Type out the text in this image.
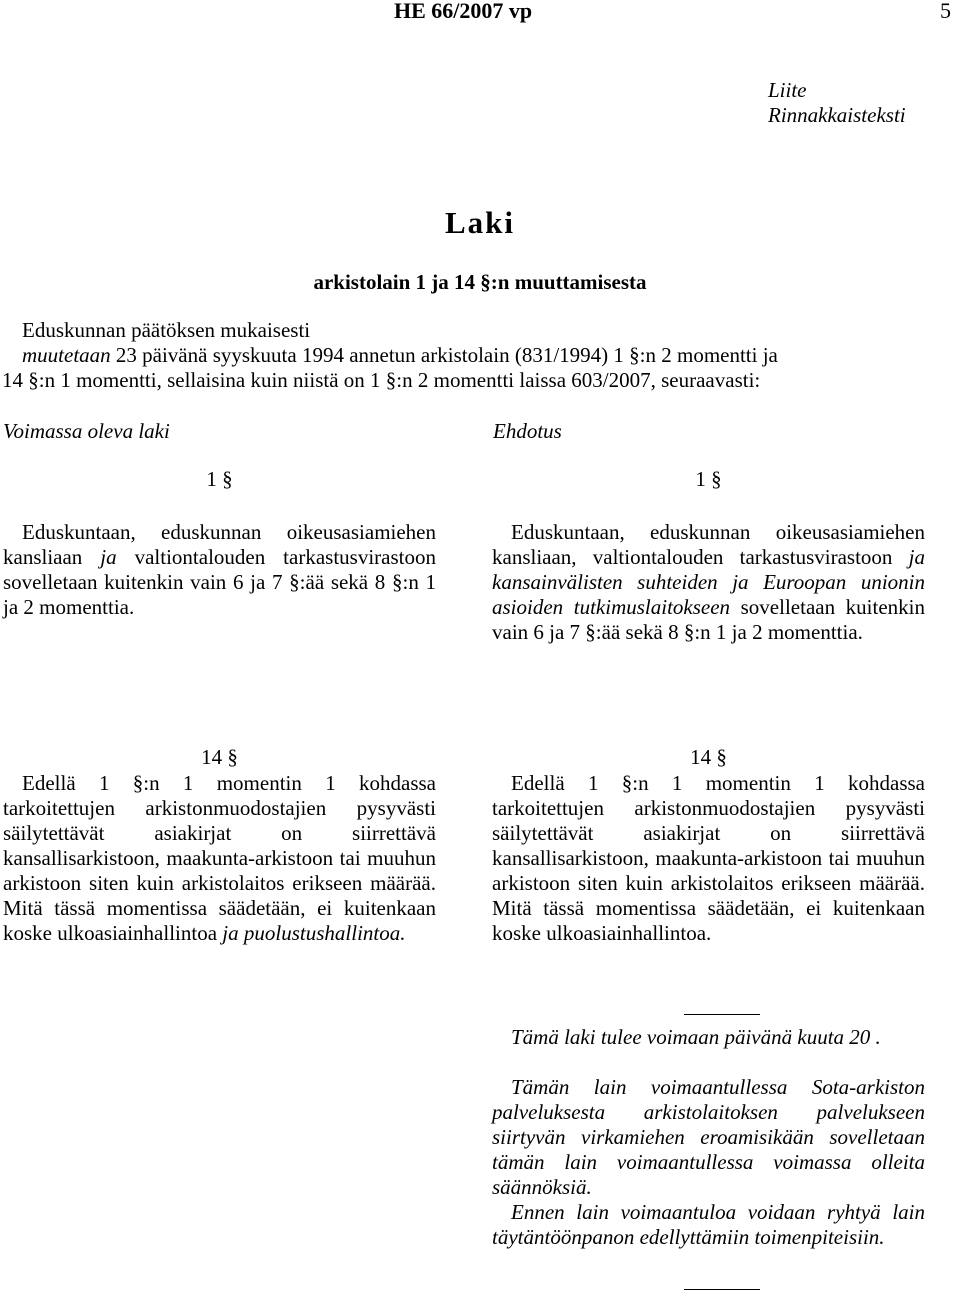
HE 66/2007 vp	5
Liite
Rinnakkaisteksti
Laki
arkistolain 1 ja 14 §:n muuttamisesta
Eduskunnan päätöksen mukaisesti
muutetaan 23 päivänä syyskuuta 1994 annetun arkistolain (831/1994) 1 §:n 2 momentti ja
14 §:n 1 momentti, sellaisina kuin niistä on 1 §:n 2 momentti laissa 603/2007, seuraavasti:
Voimassa oleva laki	Ehdotus
1 §

Eduskuntaan, eduskunnan oikeusasiamiehen kansliaan ja valtiontalouden tarkastusvirastoon sovelletaan kuitenkin vain 6 ja 7 §:ää sekä 8 §:n 1 ja 2 momenttia.

14 §

Edellä 1 §:n 1 momentin 1 kohdassa tarkoitettujen arkistonmuodostajien pysyvästi säilytettävät asiakirjat on siirrettävä kansallisarkistoon, maakunta-arkistoon tai muuhun arkistoon siten kuin arkistolaitos erikseen määrää. Mitä tässä momentissa säädetään, ei kuitenkaan koske ulkoasiainhallintoa ja puolustushallintoa.

1 §

Eduskuntaan, eduskunnan oikeusasiamiehen kansliaan, valtiontalouden tarkastusvirastoon ja kansainvälisten suhteiden ja Euroopan unionin asioiden tutkimuslaitokseen sovelletaan kuitenkin vain 6 ja 7 §:ää sekä 8 §:n 1 ja 2 momenttia.

14 §

Edellä 1 §:n 1 momentin 1 kohdassa tarkoitettujen arkistonmuodostajien pysyvästi säilytettävät asiakirjat on siirrettävä kansallisarkistoon, maakunta-arkistoon tai muuhun arkistoon siten kuin arkistolaitos erikseen määrää. Mitä tässä momentissa säädetään, ei kuitenkaan koske ulkoasiainhallintoa.

Tämä laki tulee voimaan päivänä kuuta 20 .

Tämän lain voimaantullessa Sota-arkiston palveluksesta arkistolaitoksen palvelukseen siirtyvän virkamiehen eroamisikään sovelletaan tämän lain voimaantullessa voimassa olleita säännöksiä.

Ennen lain voimaantuloa voidaan ryhtyä lain täytäntöönpanon edellyttämiin toimenpiteisiin.
